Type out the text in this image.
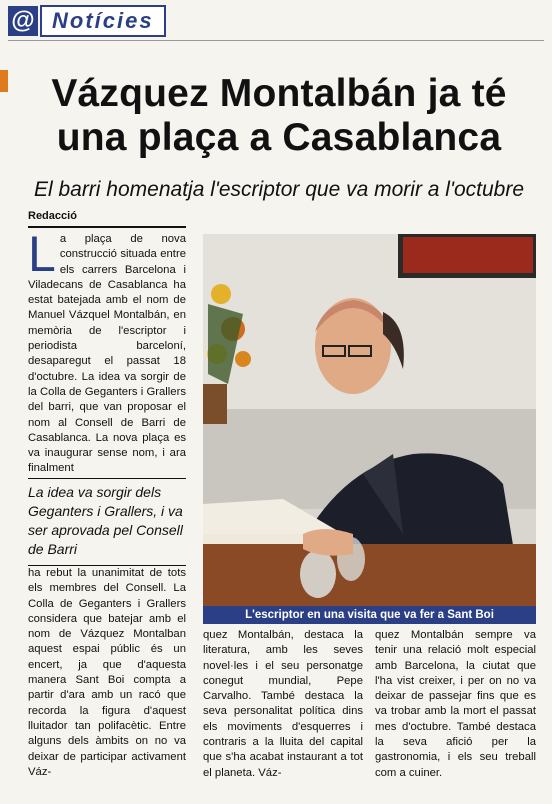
@ Notícies
Vázquez Montalbán ja té
una plaça a Casablanca
El barri homenatja l'escriptor que va morir a l'octubre
Redacció
La plaça de nova construcció situada entre els carrers Barcelona i Viladecans de Casablanca ha estat batejada amb el nom de Manuel Vázquel Montalbán, en memòria de l'escriptor i periodista barceloní, desaparegut el passat 18 d'octubre. La idea va sorgir de la Colla de Geganters i Grallers del barri, que van proposar el nom al Consell de Barri de Casablanca. La nova plaça es va inaugurar sense nom, i ara finalment
La idea va sorgir dels Geganters i Grallers, i va ser aprovada pel Consell de Barri
ha rebut la unanimitat de tots els membres del Consell. La Colla de Geganters i Grallers considera que batejar amb el nom de Vázquez Montalban aquest espai públic és un encert, ja que d'aquesta manera Sant Boi compta a partir d'ara amb un racó que recorda la figura d'aquest lluitador tan polifacètic. Entre alguns dels àmbits on no va deixar de participar activament Váz-
L'escriptor en una visita que va fer a Sant Boi
quez Montalbán, destaca la literatura, amb les seves novel·les i el seu personatge conegut mundial, Pepe Carvalho. També destaca la seva personalitat política dins els moviments d'esquerres i contraris a la lluita del capital que s'ha acabat instaurant a tot el planeta. Váz-
quez Montalbán sempre va tenir una relació molt especial amb Barcelona, la ciutat que l'ha vist creixer, i per on no va deixar de passejar fins que es va trobar amb la mort el passat mes d'octubre. També destaca la seva afició per la gastronomia, i els seu treball com a cuiner.
